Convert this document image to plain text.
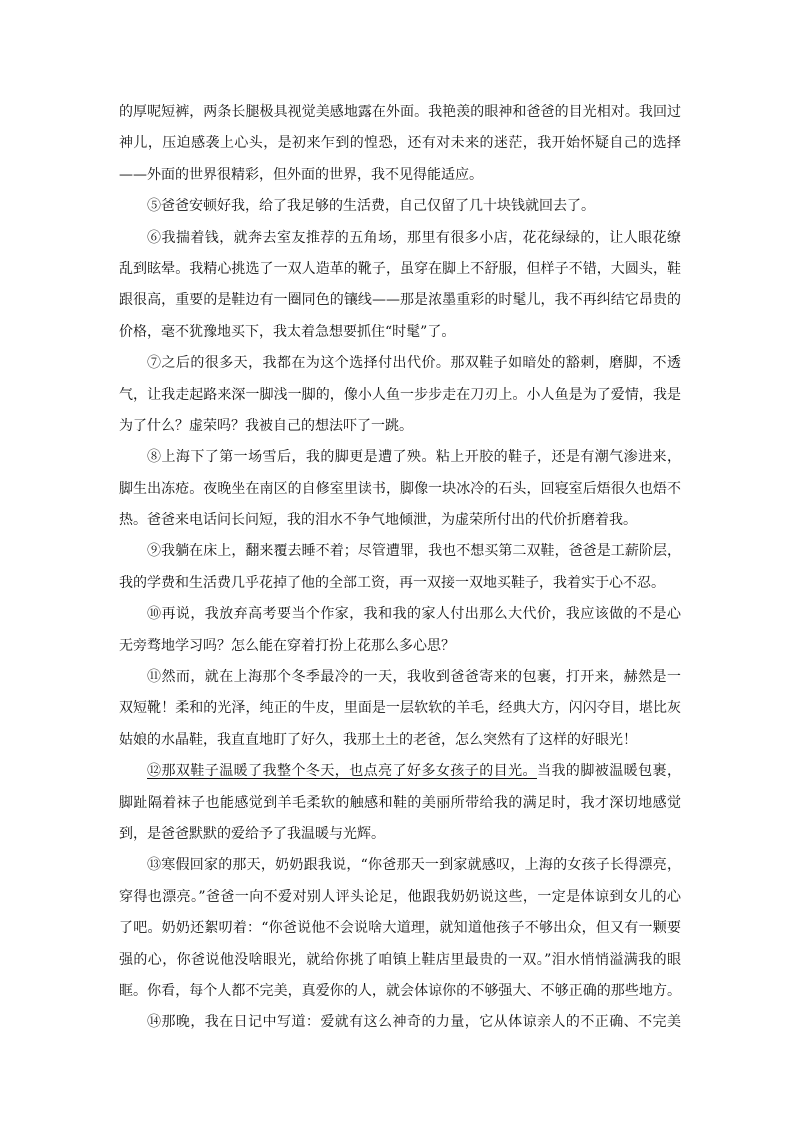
的厚呢短裤，两条长腿极具视觉美感地露在外面。我艳羡的眼神和爸爸的目光相对。我回过
神儿，压迫感袭上心头，是初来乍到的惶恐，还有对未来的迷茫，我开始怀疑自己的选择
——外面的世界很精彩，但外面的世界，我不见得能适应。
⑤爸爸安顿好我，给了我足够的生活费，自己仅留了几十块钱就回去了。
⑥我揣着钱，就奔去室友推荐的五角场，那里有很多小店，花花绿绿的，让人眼花缭
乱到眩晕。我精心挑选了一双人造革的靴子，虽穿在脚上不舒服，但样子不错，大圆头，鞋
跟很高，重要的是鞋边有一圈同色的镶线——那是浓墨重彩的时髦儿，我不再纠结它昂贵的
价格，毫不犹豫地买下，我太着急想要抓住“时髦”了。
⑦之后的很多天，我都在为这个选择付出代价。那双鞋子如暗处的豁刺，磨脚，不透
气，让我走起路来深一脚浅一脚的，像小人鱼一步步走在刀刃上。小人鱼是为了爱情，我是
为了什么？虚荣吗？我被自己的想法吓了一跳。
⑧上海下了第一场雪后，我的脚更是遭了殃。粘上开胶的鞋子，还是有潮气渗进来，
脚生出冻疮。夜晚坐在南区的自修室里读书，脚像一块冰冷的石头，回寝室后焐很久也焐不
热。爸爸来电话问长问短，我的泪水不争气地倾泄，为虚荣所付出的代价折磨着我。
⑨我躺在床上，翻来覆去睡不着；尽管遭罪，我也不想买第二双鞋，爸爸是工薪阶层，
我的学费和生活费几乎花掉了他的全部工资，再一双接一双地买鞋子，我着实于心不忍。
⑩再说，我放弃高考要当个作家，我和我的家人付出那么大代价，我应该做的不是心
无旁骛地学习吗？怎么能在穿着打扮上花那么多心思？
⑪然而，就在上海那个冬季最冷的一天，我收到爸爸寄来的包裹，打开来，赫然是一
双短靴！柔和的光泽，纯正的牛皮，里面是一层软软的羊毛，经典大方，闪闪夺目，堪比灰
姑娘的水晶鞋，我直直地盯了好久，我那土土的老爸，怎么突然有了这样的好眼光！
⑫那双鞋子温暖了我整个冬天，也点亮了好多女孩子的目光。当我的脚被温暖包裹，
脚趾隔着袜子也能感觉到羊毛柔软的触感和鞋的美丽所带给我的满足时，我才深切地感觉
到，是爸爸默默的爱给予了我温暖与光辉。
⑬寒假回家的那天，奶奶跟我说，“你爸那天一到家就感叹，上海的女孩子长得漂亮，
穿得也漂亮。”爸爸一向不爱对别人评头论足，他跟我奶奶说这些，一定是体谅到女儿的心
了吧。奶奶还絮叨着：“你爸说他不会说啥大道理，就知道他孩子不够出众，但又有一颗要
强的心，你爸说他没啥眼光，就给你挑了咱镇上鞋店里最贵的一双。”泪水悄悄溢满我的眼
眶。你看，每个人都不完美，真爱你的人，就会体谅你的不够强大、不够正确的那些地方。
⑭那晚，我在日记中写道：爱就有这么神奇的力量，它从体谅亲人的不正确、不完美
